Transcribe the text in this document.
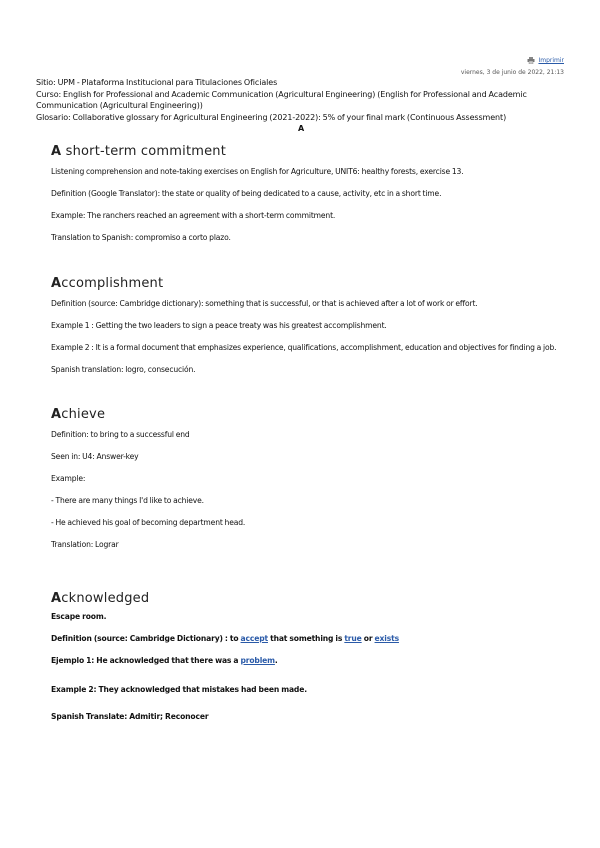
Imprimir
viernes, 3 de junio de 2022, 21:13
Sitio: UPM - Plataforma Institucional para Titulaciones Oficiales
Curso: English for Professional and Academic Communication (Agricultural Engineering) (English for Professional and Academic Communication (Agricultural Engineering))
Glosario: Collaborative glossary for Agricultural Engineering (2021-2022): 5% of your final mark (Continuous Assessment)
A
A short-term commitment

Listening comprehension and note-taking exercises on English for Agriculture, UNIT6: healthy forests, exercise 13.

Definition (Google Translator): the state or quality of being dedicated to a cause, activity, etc in a short time.

Example: The ranchers reached an agreement with a short-term commitment.

Translation to Spanish: compromiso a corto plazo.

Accomplishment

Definition (source: Cambridge dictionary): something that is successful, or that is achieved after a lot of work or effort.

Example 1 : Getting the two leaders to sign a peace treaty was his greatest accomplishment.

Example 2 : It is a formal document that emphasizes experience, qualifications, accomplishment, education and objectives for finding a job.

Spanish translation: logro, consecución.

Achieve

Definition: to bring to a successful end

Seen in: U4: Answer-key

Example:

- There are many things I'd like to achieve.

- He achieved his goal of becoming department head.

Translation: Lograr

Acknowledged

Escape room.

Definition (source: Cambridge Dictionary) : to accept that something is true or exists

Ejemplo 1: He acknowledged that there was a problem.

Example 2: They acknowledged that mistakes had been made.

Spanish Translate: Admitir; Reconocer
